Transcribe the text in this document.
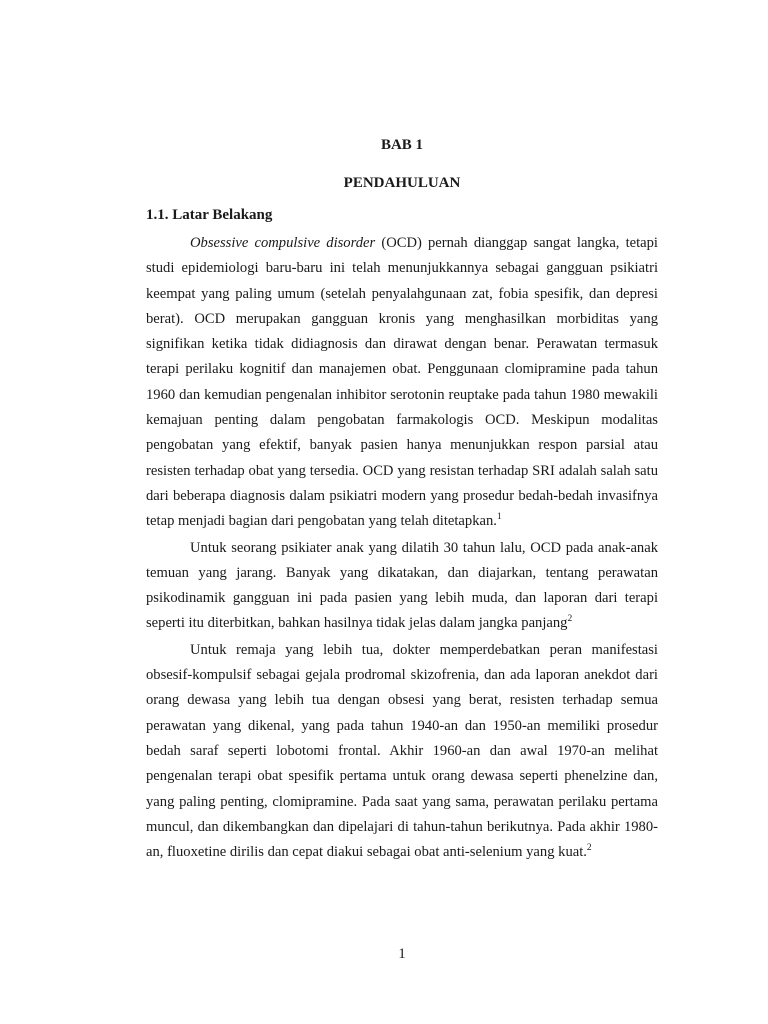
BAB 1
PENDAHULUAN
1.1. Latar Belakang

Obsessive compulsive disorder (OCD) pernah dianggap sangat langka, tetapi studi epidemiologi baru-baru ini telah menunjukkannya sebagai gangguan psikiatri keempat yang paling umum (setelah penyalahgunaan zat, fobia spesifik, dan depresi berat). OCD merupakan gangguan kronis yang menghasilkan morbiditas yang signifikan ketika tidak didiagnosis dan dirawat dengan benar. Perawatan termasuk terapi perilaku kognitif dan manajemen obat. Penggunaan clomipramine pada tahun 1960 dan kemudian pengenalan inhibitor serotonin reuptake pada tahun 1980 mewakili kemajuan penting dalam pengobatan farmakologis OCD. Meskipun modalitas pengobatan yang efektif, banyak pasien hanya menunjukkan respon parsial atau resisten terhadap obat yang tersedia. OCD yang resistan terhadap SRI adalah salah satu dari beberapa diagnosis dalam psikiatri modern yang prosedur bedah-bedah invasifnya tetap menjadi bagian dari pengobatan yang telah ditetapkan.$^1$

Untuk seorang psikiater anak yang dilatih 30 tahun lalu, OCD pada anak-anak temuan yang jarang. Banyak yang dikatakan, dan diajarkan, tentang perawatan psikodinamik gangguan ini pada pasien yang lebih muda, dan laporan dari terapi seperti itu diterbitkan, bahkan hasilnya tidak jelas dalam jangka panjang$^2$

Untuk remaja yang lebih tua, dokter memperdebatkan peran manifestasi obsesif-kompulsif sebagai gejala prodromal skizofrenia, dan ada laporan anekdot dari orang dewasa yang lebih tua dengan obsesi yang berat, resisten terhadap semua perawatan yang dikenal, yang pada tahun 1940-an dan 1950-an memiliki prosedur bedah saraf seperti lobotomi frontal. Akhir 1960-an dan awal 1970-an melihat pengenalan terapi obat spesifik pertama untuk orang dewasa seperti phenelzine dan, yang paling penting, clomipramine. Pada saat yang sama, perawatan perilaku pertama muncul, dan dikembangkan dan dipelajari di tahun-tahun berikutnya. Pada akhir 1980-an, fluoxetine dirilis dan cepat diakui sebagai obat anti-selenium yang kuat.$^2$

1
